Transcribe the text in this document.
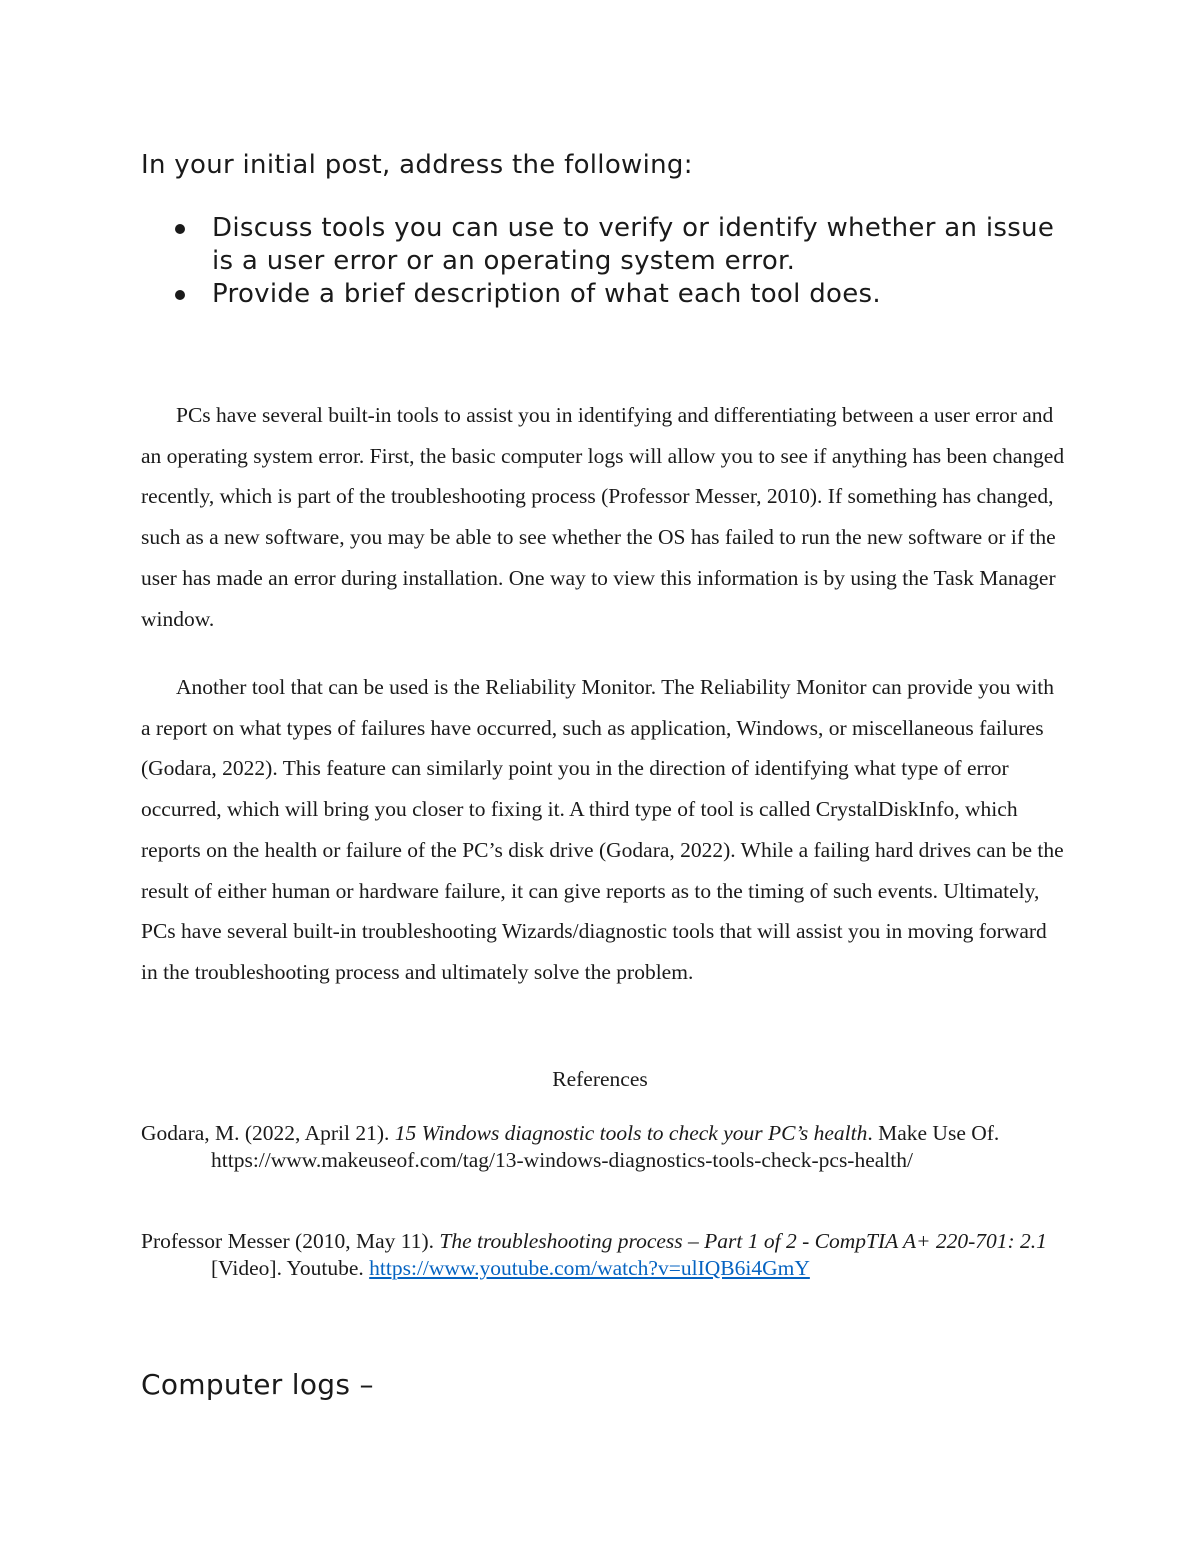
In your initial post, address the following:
Discuss tools you can use to verify or identify whether an issue is a user error or an operating system error.
Provide a brief description of what each tool does.

PCs have several built-in tools to assist you in identifying and differentiating between a user error and an operating system error. First, the basic computer logs will allow you to see if anything has been changed recently, which is part of the troubleshooting process (Professor Messer, 2010). If something has changed, such as a new software, you may be able to see whether the OS has failed to run the new software or if the user has made an error during installation. One way to view this information is by using the Task Manager window.

Another tool that can be used is the Reliability Monitor. The Reliability Monitor can provide you with a report on what types of failures have occurred, such as application, Windows, or miscellaneous failures (Godara, 2022). This feature can similarly point you in the direction of identifying what type of error occurred, which will bring you closer to fixing it. A third type of tool is called CrystalDiskInfo, which reports on the health or failure of the PC’s disk drive (Godara, 2022). While a failing hard drives can be the result of either human or hardware failure, it can give reports as to the timing of such events. Ultimately, PCs have several built-in troubleshooting Wizards/diagnostic tools that will assist you in moving forward in the troubleshooting process and ultimately solve the problem.

References

Godara, M. (2022, April 21). 15 Windows diagnostic tools to check your PC’s health. Make Use Of. https://www.makeuseof.com/tag/13-windows-diagnostics-tools-check-pcs-health/

Professor Messer (2010, May 11). The troubleshooting process – Part 1 of 2 - CompTIA A+ 220-701: 2.1 [Video]. Youtube. https://www.youtube.com/watch?v=ulIQB6i4GmY

Computer logs –
